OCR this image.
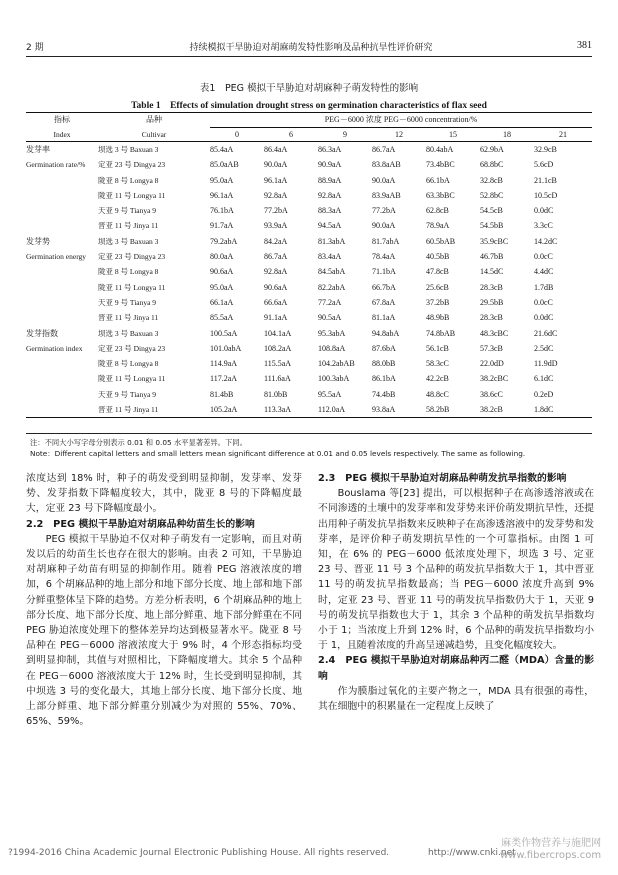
2 期	持续模拟干旱胁迫对胡麻萌发特性影响及品种抗旱性评价研究	381
表1　PEG 模拟干旱胁迫对胡麻种子萌发特性的影响
Table 1　Effects of simulation drought stress on germination characteristics of flax seed
指标	品种	PEG－6000 浓度 PEG－6000 concentration/%						
Index	Cultivar	0	6	9	12	15	18	21
发芽率	坝选 3 号 Baxuan 3	85.4aA	86.4aA	86.3aA	86.7aA	80.4abA	62.9bA	32.9cB
Germination rate/%	定亚 23 号 Dingya 23	85.0aAB	90.0aA	90.9aA	83.8aAB	73.4bBC	68.8bC	5.6cD
	陇亚 8 号 Longya 8	95.0aA	96.1aA	88.9aA	90.0aA	66.1bA	32.8cB	21.1cB
	陇亚 11 号 Longya 11	96.1aA	92.8aA	92.8aA	83.9aAB	63.3bBC	52.8bC	10.5cD
	天亚 9 号 Tianya 9	76.1bA	77.2bA	88.3aA	77.2bA	62.8cB	54.5cB	0.0dC
	晋亚 11 号 Jinya 11	91.7aA	93.9aA	94.5aA	90.0aA	78.9aA	54.5bB	3.3cC
发芽势	坝选 3 号 Baxuan 3	79.2abA	84.2aA	81.3abA	81.7abA	60.5bAB	35.9cBC	14.2dC
Germination energy	定亚 23 号 Dingya 23	80.0aA	86.7aA	83.4aA	78.4aA	40.5bB	46.7bB	0.0cC
	陇亚 8 号 Longya 8	90.6aA	92.8aA	84.5abA	71.1bA	47.8cB	14.5dC	4.4dC
	陇亚 11 号 Longya 11	95.0aA	90.6aA	82.2abA	66.7bA	25.6cB	28.3cB	1.7dB
	天亚 9 号 Tianya 9	66.1aA	66.6aA	77.2aA	67.8aA	37.2bB	29.5bB	0.0cC
	晋亚 11 号 Jinya 11	85.5aA	91.1aA	90.5aA	81.1aA	48.9bB	28.3cB	0.0dC
发芽指数	坝选 3 号 Baxuan 3	100.5aA	104.1aA	95.3abA	94.8abA	74.8bAB	48.3cBC	21.6dC
Germination index	定亚 23 号 Dingya 23	101.0abA	108.2aA	108.8aA	87.6bA	56.1cB	57.3cB	2.5dC
	陇亚 8 号 Longya 8	114.9aA	115.5aA	104.2abAB	88.0bB	58.3cC	22.0dD	11.9dD
	陇亚 11 号 Longya 11	117.2aA	111.6aA	100.3abA	86.1bA	42.2cB	38.2cBC	6.1dC
	天亚 9 号 Tianya 9	81.4bB	81.0bB	95.5aA	74.4bB	48.8cC	38.6cC	0.2eD
	晋亚 11 号 Jinya 11	105.2aA	113.3aA	112.0aA	93.8aA	58.2bB	38.2cB	1.8dC
注：不同大小写字母分别表示 0.01 和 0.05 水平显著差异。下同。
Note：Different capital letters and small letters mean significant difference at 0.01 and 0.05 levels respectively. The same as following.

浓度达到 18% 时，种子的萌发受到明显抑制，发芽率、发芽势、发芽指数下降幅度较大，其中，陇亚 8 号的下降幅度最大，定亚 23 号下降幅度最小。

2.2　PEG 模拟干旱胁迫对胡麻品种幼苗生长的影响

PEG 模拟干旱胁迫不仅对种子萌发有一定影响，而且对萌发以后的幼苗生长也存在很大的影响。由表 2 可知，干旱胁迫对胡麻种子幼苗有明显的抑制作用。随着 PEG 溶液浓度的增加，6 个胡麻品种的地上部分和地下部分长度、地上部和地下部分鲜重整体呈下降的趋势。方差分析表明，6 个胡麻品种的地上部分长度、地下部分长度、地上部分鲜重、地下部分鲜重在不同 PEG 胁迫浓度处理下的整体差异均达到极显著水平。陇亚 8 号品种在 PEG－6000 溶液浓度大于 9% 时，4 个形态指标均受到明显抑制，其值与对照相比，下降幅度增大。其余 5 个品种在 PEG－6000 溶液浓度大于 12% 时，生长受到明显抑制，其中坝选 3 号的变化最大，其地上部分长度、地下部分长度、地上部分鲜重、地下部分鲜重分别减少为对照的 55%、70%、65%、59%。

2.3　PEG 模拟干旱胁迫对胡麻品种萌发抗旱指数的影响

Bouslama 等[23] 提出，可以根据种子在高渗透溶液或在不同渗透的土壤中的发芽率和发芽势来评价萌发期抗旱性，还提出用种子萌发抗旱指数来反映种子在高渗透溶液中的发芽势和发芽率，是评价种子萌发期抗旱性的一个可靠指标。由图 1 可知，在 6% 的 PEG－6000 低浓度处理下，坝选 3 号、定亚 23 号、晋亚 11 号 3 个品种的萌发抗旱指数大于 1，其中晋亚 11 号的萌发抗旱指数最高；当 PEG－6000 浓度升高到 9% 时，定亚 23 号、晋亚 11 号的萌发抗旱指数仍大于 1，天亚 9 号的萌发抗旱指数也大于 1，其余 3 个品种的萌发抗旱指数均小于 1；当浓度上升到 12% 时，6 个品种的萌发抗旱指数均小于 1，且随着浓度的升高呈递减趋势，且变化幅度较大。

2.4　PEG 模拟干旱胁迫对胡麻品种丙二醛（MDA）含量的影响

作为膜脂过氧化的主要产物之一，MDA 具有很强的毒性，其在细胞中的积累量在一定程度上反映了

?1994-2016 China Academic Journal Electronic Publishing House. All rights reserved.	http://www.cnki.net
麻类作物营养与施肥网
www.fibercrops.com
